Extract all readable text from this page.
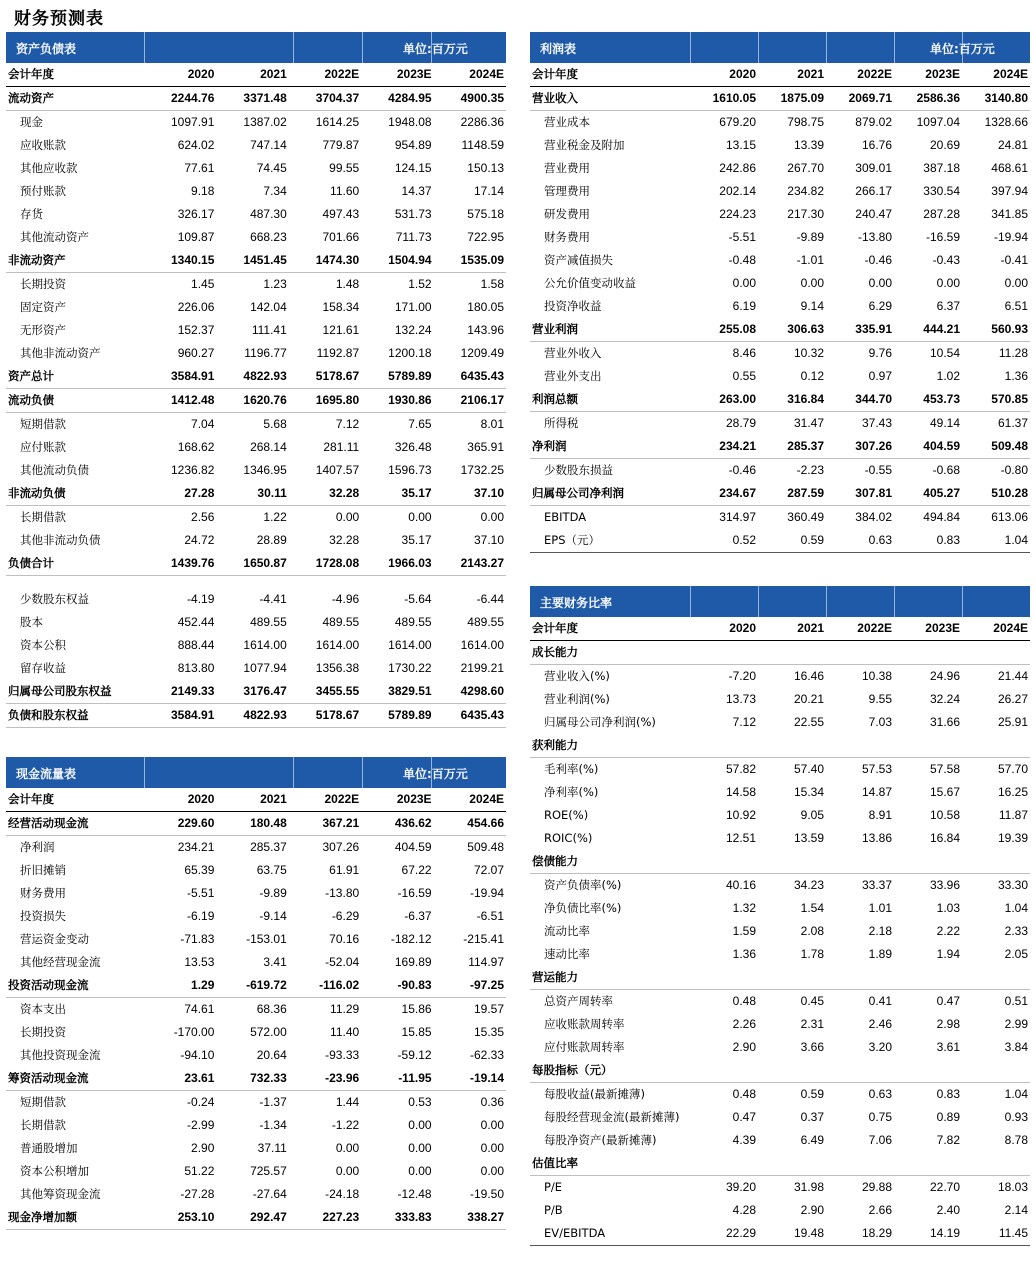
财务预测表
资产负债表	单位:百万元
会计年度	2020	2021	2022E	2023E	2024E
流动资产	2244.76	3371.48	3704.37	4284.95	4900.35
现金	1097.91	1387.02	1614.25	1948.08	2286.36
应收账款	624.02	747.14	779.87	954.89	1148.59
其他应收款	77.61	74.45	99.55	124.15	150.13
预付账款	9.18	7.34	11.60	14.37	17.14
存货	326.17	487.30	497.43	531.73	575.18
其他流动资产	109.87	668.23	701.66	711.73	722.95
非流动资产	1340.15	1451.45	1474.30	1504.94	1535.09
长期投资	1.45	1.23	1.48	1.52	1.58
固定资产	226.06	142.04	158.34	171.00	180.05
无形资产	152.37	111.41	121.61	132.24	143.96
其他非流动资产	960.27	1196.77	1192.87	1200.18	1209.49
资产总计	3584.91	4822.93	5178.67	5789.89	6435.43
流动负债	1412.48	1620.76	1695.80	1930.86	2106.17
短期借款	7.04	5.68	7.12	7.65	8.01
应付账款	168.62	268.14	281.11	326.48	365.91
其他流动负债	1236.82	1346.95	1407.57	1596.73	1732.25
非流动负债	27.28	30.11	32.28	35.17	37.10
长期借款	2.56	1.22	0.00	0.00	0.00
其他非流动负债	24.72	28.89	32.28	35.17	37.10
负债合计	1439.76	1650.87	1728.08	1966.03	2143.27

少数股东权益	-4.19	-4.41	-4.96	-5.64	-6.44
股本	452.44	489.55	489.55	489.55	489.55
资本公积	888.44	1614.00	1614.00	1614.00	1614.00
留存收益	813.80	1077.94	1356.38	1730.22	2199.21
归属母公司股东权益	2149.33	3176.47	3455.55	3829.51	4298.60
负债和股东权益	3584.91	4822.93	5178.67	5789.89	6435.43

现金流量表	单位:百万元
会计年度	2020	2021	2022E	2023E	2024E
经营活动现金流	229.60	180.48	367.21	436.62	454.66
净利润	234.21	285.37	307.26	404.59	509.48
折旧摊销	65.39	63.75	61.91	67.22	72.07
财务费用	-5.51	-9.89	-13.80	-16.59	-19.94
投资损失	-6.19	-9.14	-6.29	-6.37	-6.51
营运资金变动	-71.83	-153.01	70.16	-182.12	-215.41
其他经营现金流	13.53	3.41	-52.04	169.89	114.97
投资活动现金流	1.29	-619.72	-116.02	-90.83	-97.25
资本支出	74.61	68.36	11.29	15.86	19.57
长期投资	-170.00	572.00	11.40	15.85	15.35
其他投资现金流	-94.10	20.64	-93.33	-59.12	-62.33
筹资活动现金流	23.61	732.33	-23.96	-11.95	-19.14
短期借款	-0.24	-1.37	1.44	0.53	0.36
长期借款	-2.99	-1.34	-1.22	0.00	0.00
普通股增加	2.90	37.11	0.00	0.00	0.00
资本公积增加	51.22	725.57	0.00	0.00	0.00
其他筹资现金流	-27.28	-27.64	-24.18	-12.48	-19.50
现金净增加额	253.10	292.47	227.23	333.83	338.27

利润表	单位:百万元
会计年度	2020	2021	2022E	2023E	2024E
营业收入	1610.05	1875.09	2069.71	2586.36	3140.80
营业成本	679.20	798.75	879.02	1097.04	1328.66
营业税金及附加	13.15	13.39	16.76	20.69	24.81
营业费用	242.86	267.70	309.01	387.18	468.61
管理费用	202.14	234.82	266.17	330.54	397.94
研发费用	224.23	217.30	240.47	287.28	341.85
财务费用	-5.51	-9.89	-13.80	-16.59	-19.94
资产减值损失	-0.48	-1.01	-0.46	-0.43	-0.41
公允价值变动收益	0.00	0.00	0.00	0.00	0.00
投资净收益	6.19	9.14	6.29	6.37	6.51
营业利润	255.08	306.63	335.91	444.21	560.93
营业外收入	8.46	10.32	9.76	10.54	11.28
营业外支出	0.55	0.12	0.97	1.02	1.36
利润总额	263.00	316.84	344.70	453.73	570.85
所得税	28.79	31.47	37.43	49.14	61.37
净利润	234.21	285.37	307.26	404.59	509.48
少数股东损益	-0.46	-2.23	-0.55	-0.68	-0.80
归属母公司净利润	234.67	287.59	307.81	405.27	510.28
EBITDA	314.97	360.49	384.02	494.84	613.06
EPS（元）	0.52	0.59	0.63	0.83	1.04

主要财务比率
会计年度	2020	2021	2022E	2023E	2024E
成长能力					
营业收入(%)	-7.20	16.46	10.38	24.96	21.44
营业利润(%)	13.73	20.21	9.55	32.24	26.27
归属母公司净利润(%)	7.12	22.55	7.03	31.66	25.91
获利能力					
毛利率(%)	57.82	57.40	57.53	57.58	57.70
净利率(%)	14.58	15.34	14.87	15.67	16.25
ROE(%)	10.92	9.05	8.91	10.58	11.87
ROIC(%)	12.51	13.59	13.86	16.84	19.39
偿债能力					
资产负债率(%)	40.16	34.23	33.37	33.96	33.30
净负债比率(%)	1.32	1.54	1.01	1.03	1.04
流动比率	1.59	2.08	2.18	2.22	2.33
速动比率	1.36	1.78	1.89	1.94	2.05
营运能力					
总资产周转率	0.48	0.45	0.41	0.47	0.51
应收账款周转率	2.26	2.31	2.46	2.98	2.99
应付账款周转率	2.90	3.66	3.20	3.61	3.84
每股指标（元）					
每股收益(最新摊薄)	0.48	0.59	0.63	0.83	1.04
每股经营现金流(最新摊薄)	0.47	0.37	0.75	0.89	0.93
每股净资产(最新摊薄)	4.39	6.49	7.06	7.82	8.78
估值比率					
P/E	39.20	31.98	29.88	22.70	18.03
P/B	4.28	2.90	2.66	2.40	2.14
EV/EBITDA	22.29	19.48	18.29	14.19	11.45
